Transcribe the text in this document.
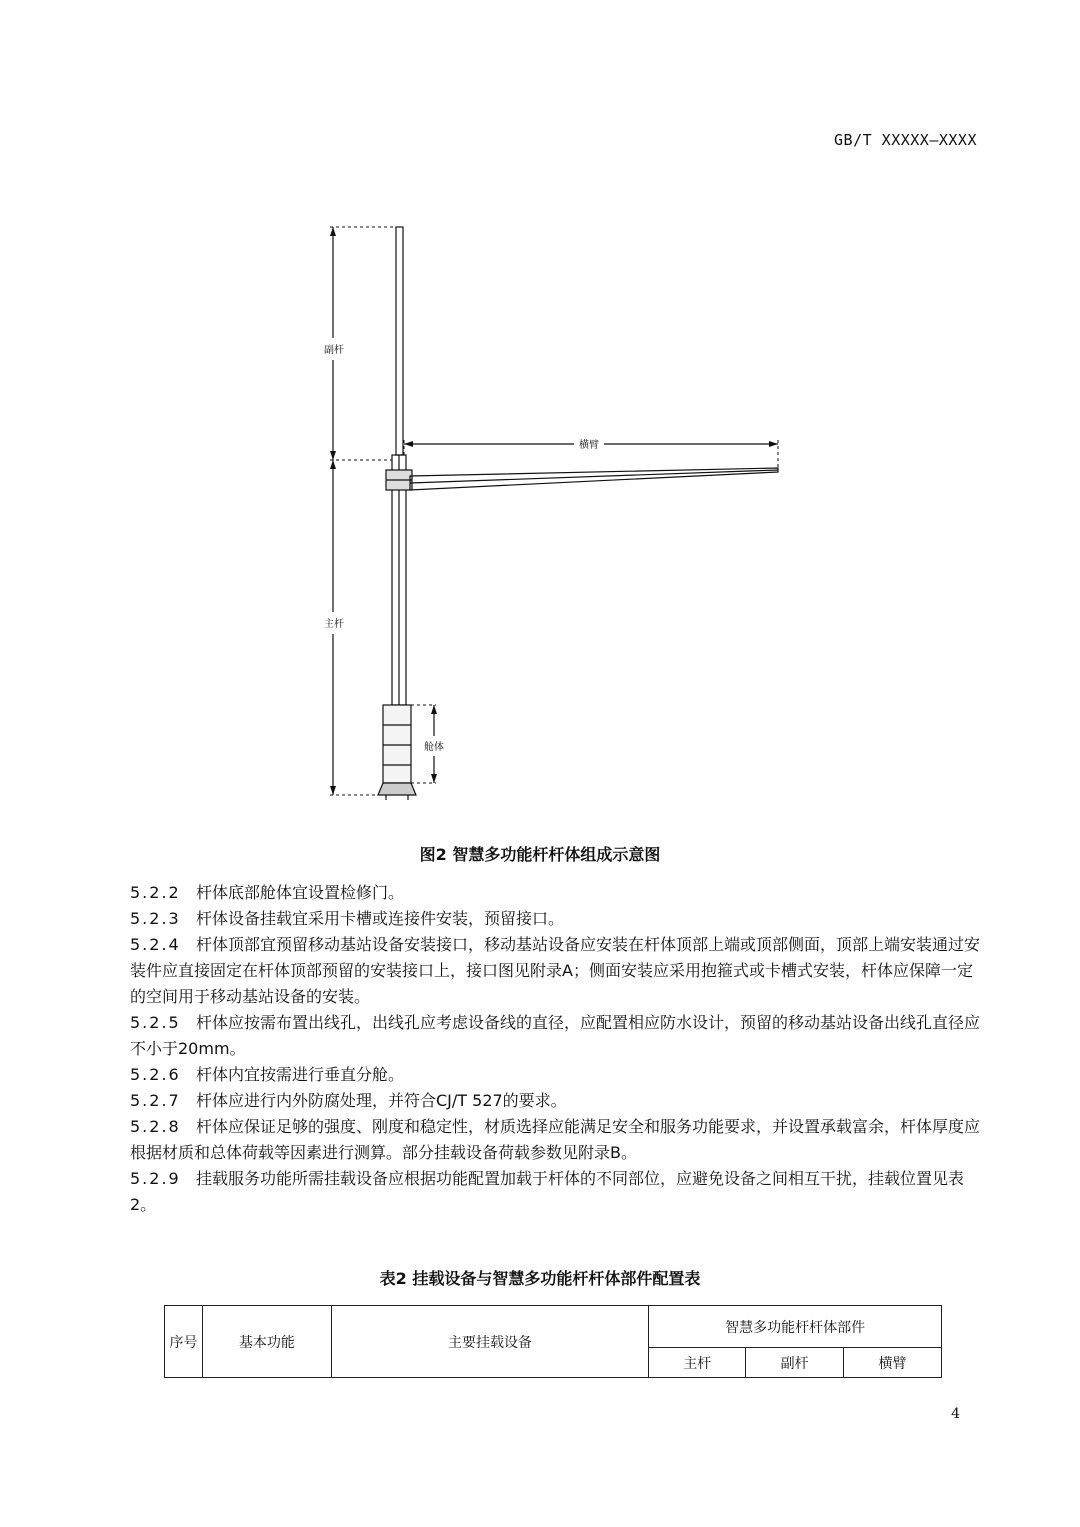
GB/T XXXXX—XXXX
副杆
主杆
横臂
舱体
图2 智慧多功能杆杆体组成示意图

5.2.2 杆体底部舱体宜设置检修门。

5.2.3 杆体设备挂载宜采用卡槽或连接件安装，预留接口。

5.2.4 杆体顶部宜预留移动基站设备安装接口，移动基站设备应安装在杆体顶部上端或顶部侧面，顶部上端安装通过安装件应直接固定在杆体顶部预留的安装接口上，接口图见附录A；侧面安装应采用抱箍式或卡槽式安装，杆体应保障一定的空间用于移动基站设备的安装。

5.2.5 杆体应按需布置出线孔，出线孔应考虑设备线的直径，应配置相应防水设计，预留的移动基站设备出线孔直径应不小于20mm。

5.2.6 杆体内宜按需进行垂直分舱。

5.2.7 杆体应进行内外防腐处理，并符合CJ/T 527的要求。

5.2.8 杆体应保证足够的强度、刚度和稳定性，材质选择应能满足安全和服务功能要求，并设置承载富余，杆体厚度应根据材质和总体荷载等因素进行测算。部分挂载设备荷载参数见附录B。

5.2.9 挂载服务功能所需挂载设备应根据功能配置加载于杆体的不同部位，应避免设备之间相互干扰，挂载位置见表2。

表2 挂载设备与智慧多功能杆杆体部件配置表
序号	基本功能	主要挂载设备	智慧多功能杆杆体部件		
			主杆	副杆	横臂
4
